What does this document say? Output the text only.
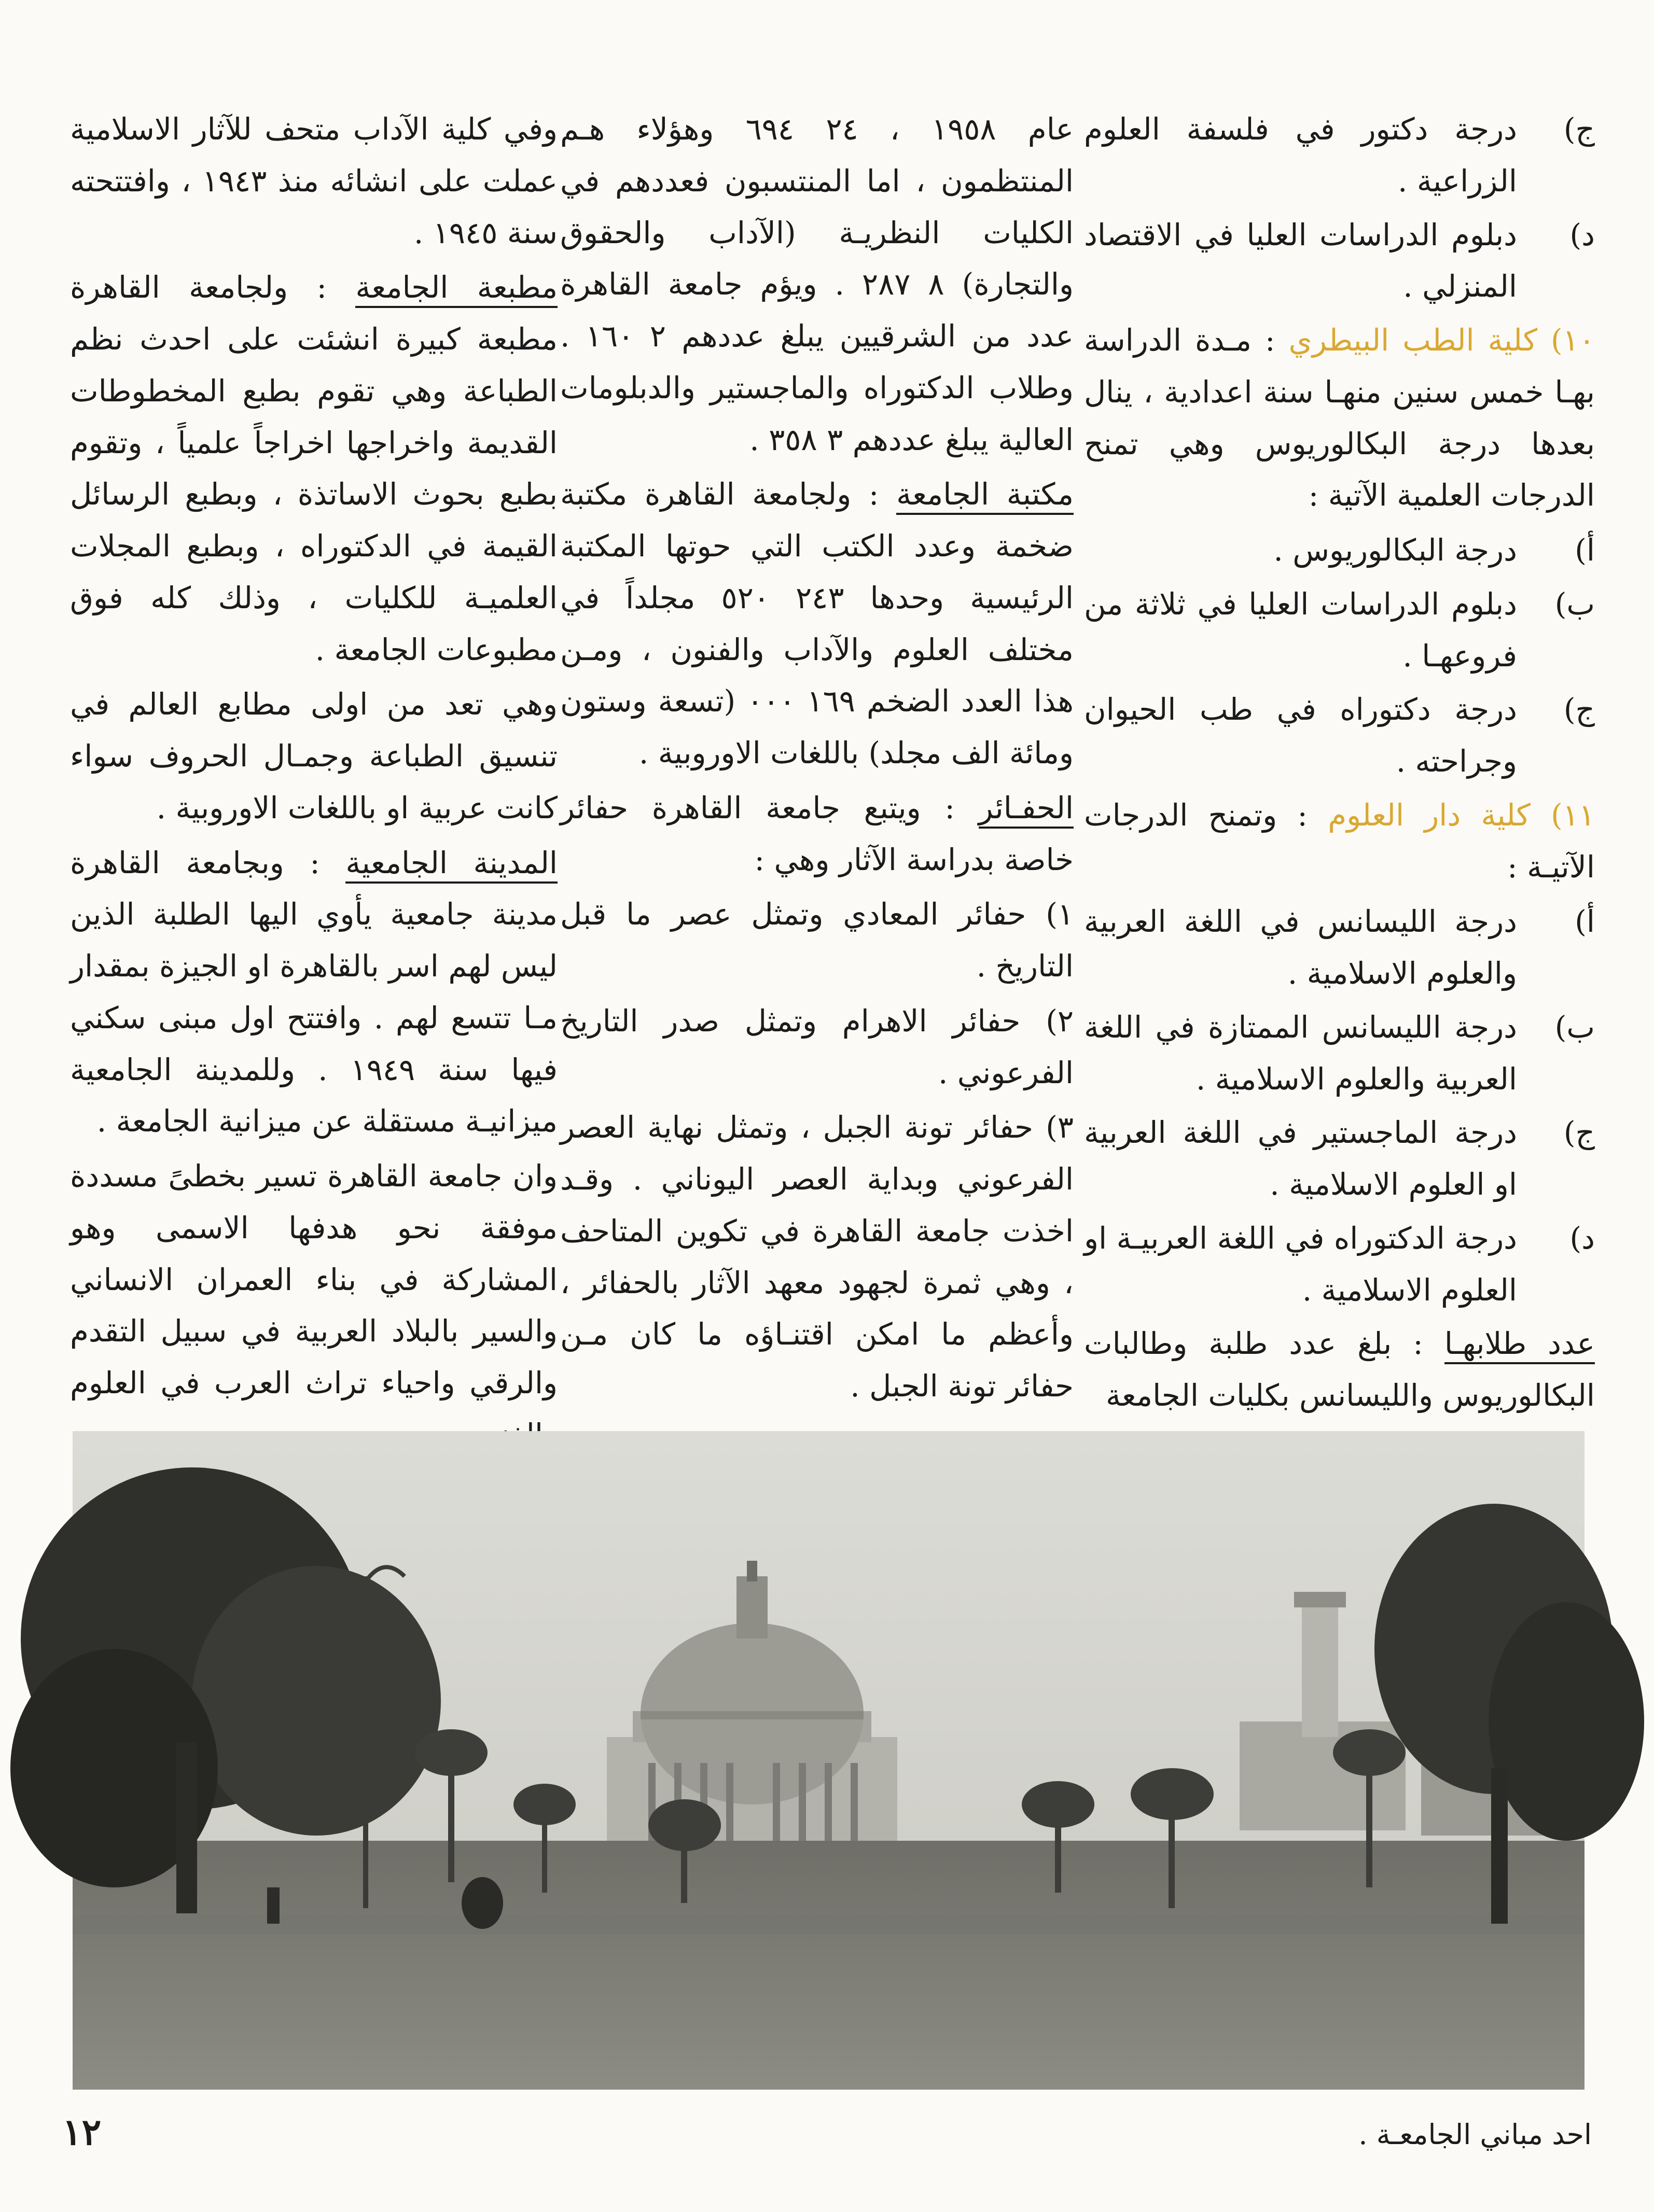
ج)
درجة دكتور في فلسفة العلوم الزراعية .
د)
دبلوم الدراسات العليا في الاقتصاد المنزلي .

١٠) كلية الطب البيطري : مـدة الدراسة بهـا خمس سنين منهـا سنة اعدادية ، ينال بعدها درجة البكالوريوس وهي تمنح الدرجات العلمية الآتية :

أ)
درجة البكالوريوس .
ب)
دبلوم الدراسات العليا في ثلاثة من فروعهـا .
ج)
درجة دكتوراه في طب الحيوان وجراحته .

١١) كلية دار العلوم : وتمنح الدرجات الآتيـة :

أ)
درجة الليسانس في اللغة العربية والعلوم الاسلامية .
ب)
درجة الليسانس الممتازة في اللغة العربية والعلوم الاسلامية .
ج)
درجة الماجستير في اللغة العربية او العلوم الاسلامية .
د)
درجة الدكتوراه في اللغة العربيـة او العلوم الاسلامية .

عدد طلابهـا : بلغ عدد طلبة وطالبات البكالوريوس والليسانس بكليات الجامعة

عام ١٩٥٨ ، ٢٤ ٦٩٤ وهؤلاء هـم المنتظمون ، اما المنتسبون فعددهم في الكليات النظريـة (الآداب والحقوق والتجارة) ٨ ٢٨٧ . ويؤم جامعة القاهرة عدد من الشرقيين يبلغ عددهم ٢ ١٦٠ . وطلاب الدكتوراه والماجستير والدبلومات العالية يبلغ عددهم ٣ ٣٥٨ .

مكتبة الجامعة : ولجامعة القاهرة مكتبة ضخمة وعدد الكتب التي حوتها المكتبة الرئيسية وحدها ٢٤٣ ٥٢٠ مجلداً في مختلف العلوم والآداب والفنون ، ومـن هذا العدد الضخم ١٦٩ ٠٠٠ (تسعة وستون ومائة الف مجلد) باللغات الاوروبية .

الحفـائر : ويتبع جامعة القاهرة حفائر خاصة بدراسة الآثار وهي :

١) حفائر المعادي وتمثل عصر ما قبل التاريخ .

٢) حفائر الاهرام وتمثل صدر التاريخ الفرعوني .

٣) حفائر تونة الجبل ، وتمثل نهاية العصر الفرعوني وبداية العصر اليوناني . وقـد اخذت جامعة القاهرة في تكوين المتاحف ، وهي ثمرة لجهود معهد الآثار بالحفائر ، وأعظم ما امكن اقتنـاؤه ما كان مـن حفائر تونة الجبل .

وفي كلية الآداب متحف للآثار الاسلامية عملت على انشائه منذ ١٩٤٣ ، وافتتحته سنة ١٩٤٥ .

مطبعة الجامعة : ولجامعة القاهرة مطبعة كبيرة انشئت على احدث نظم الطباعة وهي تقوم بطبع المخطوطات القديمة واخراجها اخراجاً علمياً ، وتقوم بطبع بحوث الاساتذة ، وبطبع الرسائل القيمة في الدكتوراه ، وبطبع المجلات العلميـة للكليات ، وذلك كله فوق مطبوعات الجامعة .

وهي تعد من اولى مطابع العالم في تنسيق الطباعة وجمـال الحروف سواء كانت عربية او باللغات الاوروبية .

المدينة الجامعية : وبجامعة القاهرة مدينة جامعية يأوي اليها الطلبة الذين ليس لهم اسر بالقاهرة او الجيزة بمقدار مـا تتسع لهم . وافتتح اول مبنى سكني فيها سنة ١٩٤٩ . وللمدينة الجامعية ميزانيـة مستقلة عن ميزانية الجامعة .

وان جامعة القاهرة تسير بخطىً مسددة موفقة نحو هدفها الاسمى وهو المشاركة في بناء العمران الانساني والسير بالبلاد العربية في سبيل التقدم والرقي واحياء تراث العرب في العلوم

احد مباني الجامعـة .
١٢
